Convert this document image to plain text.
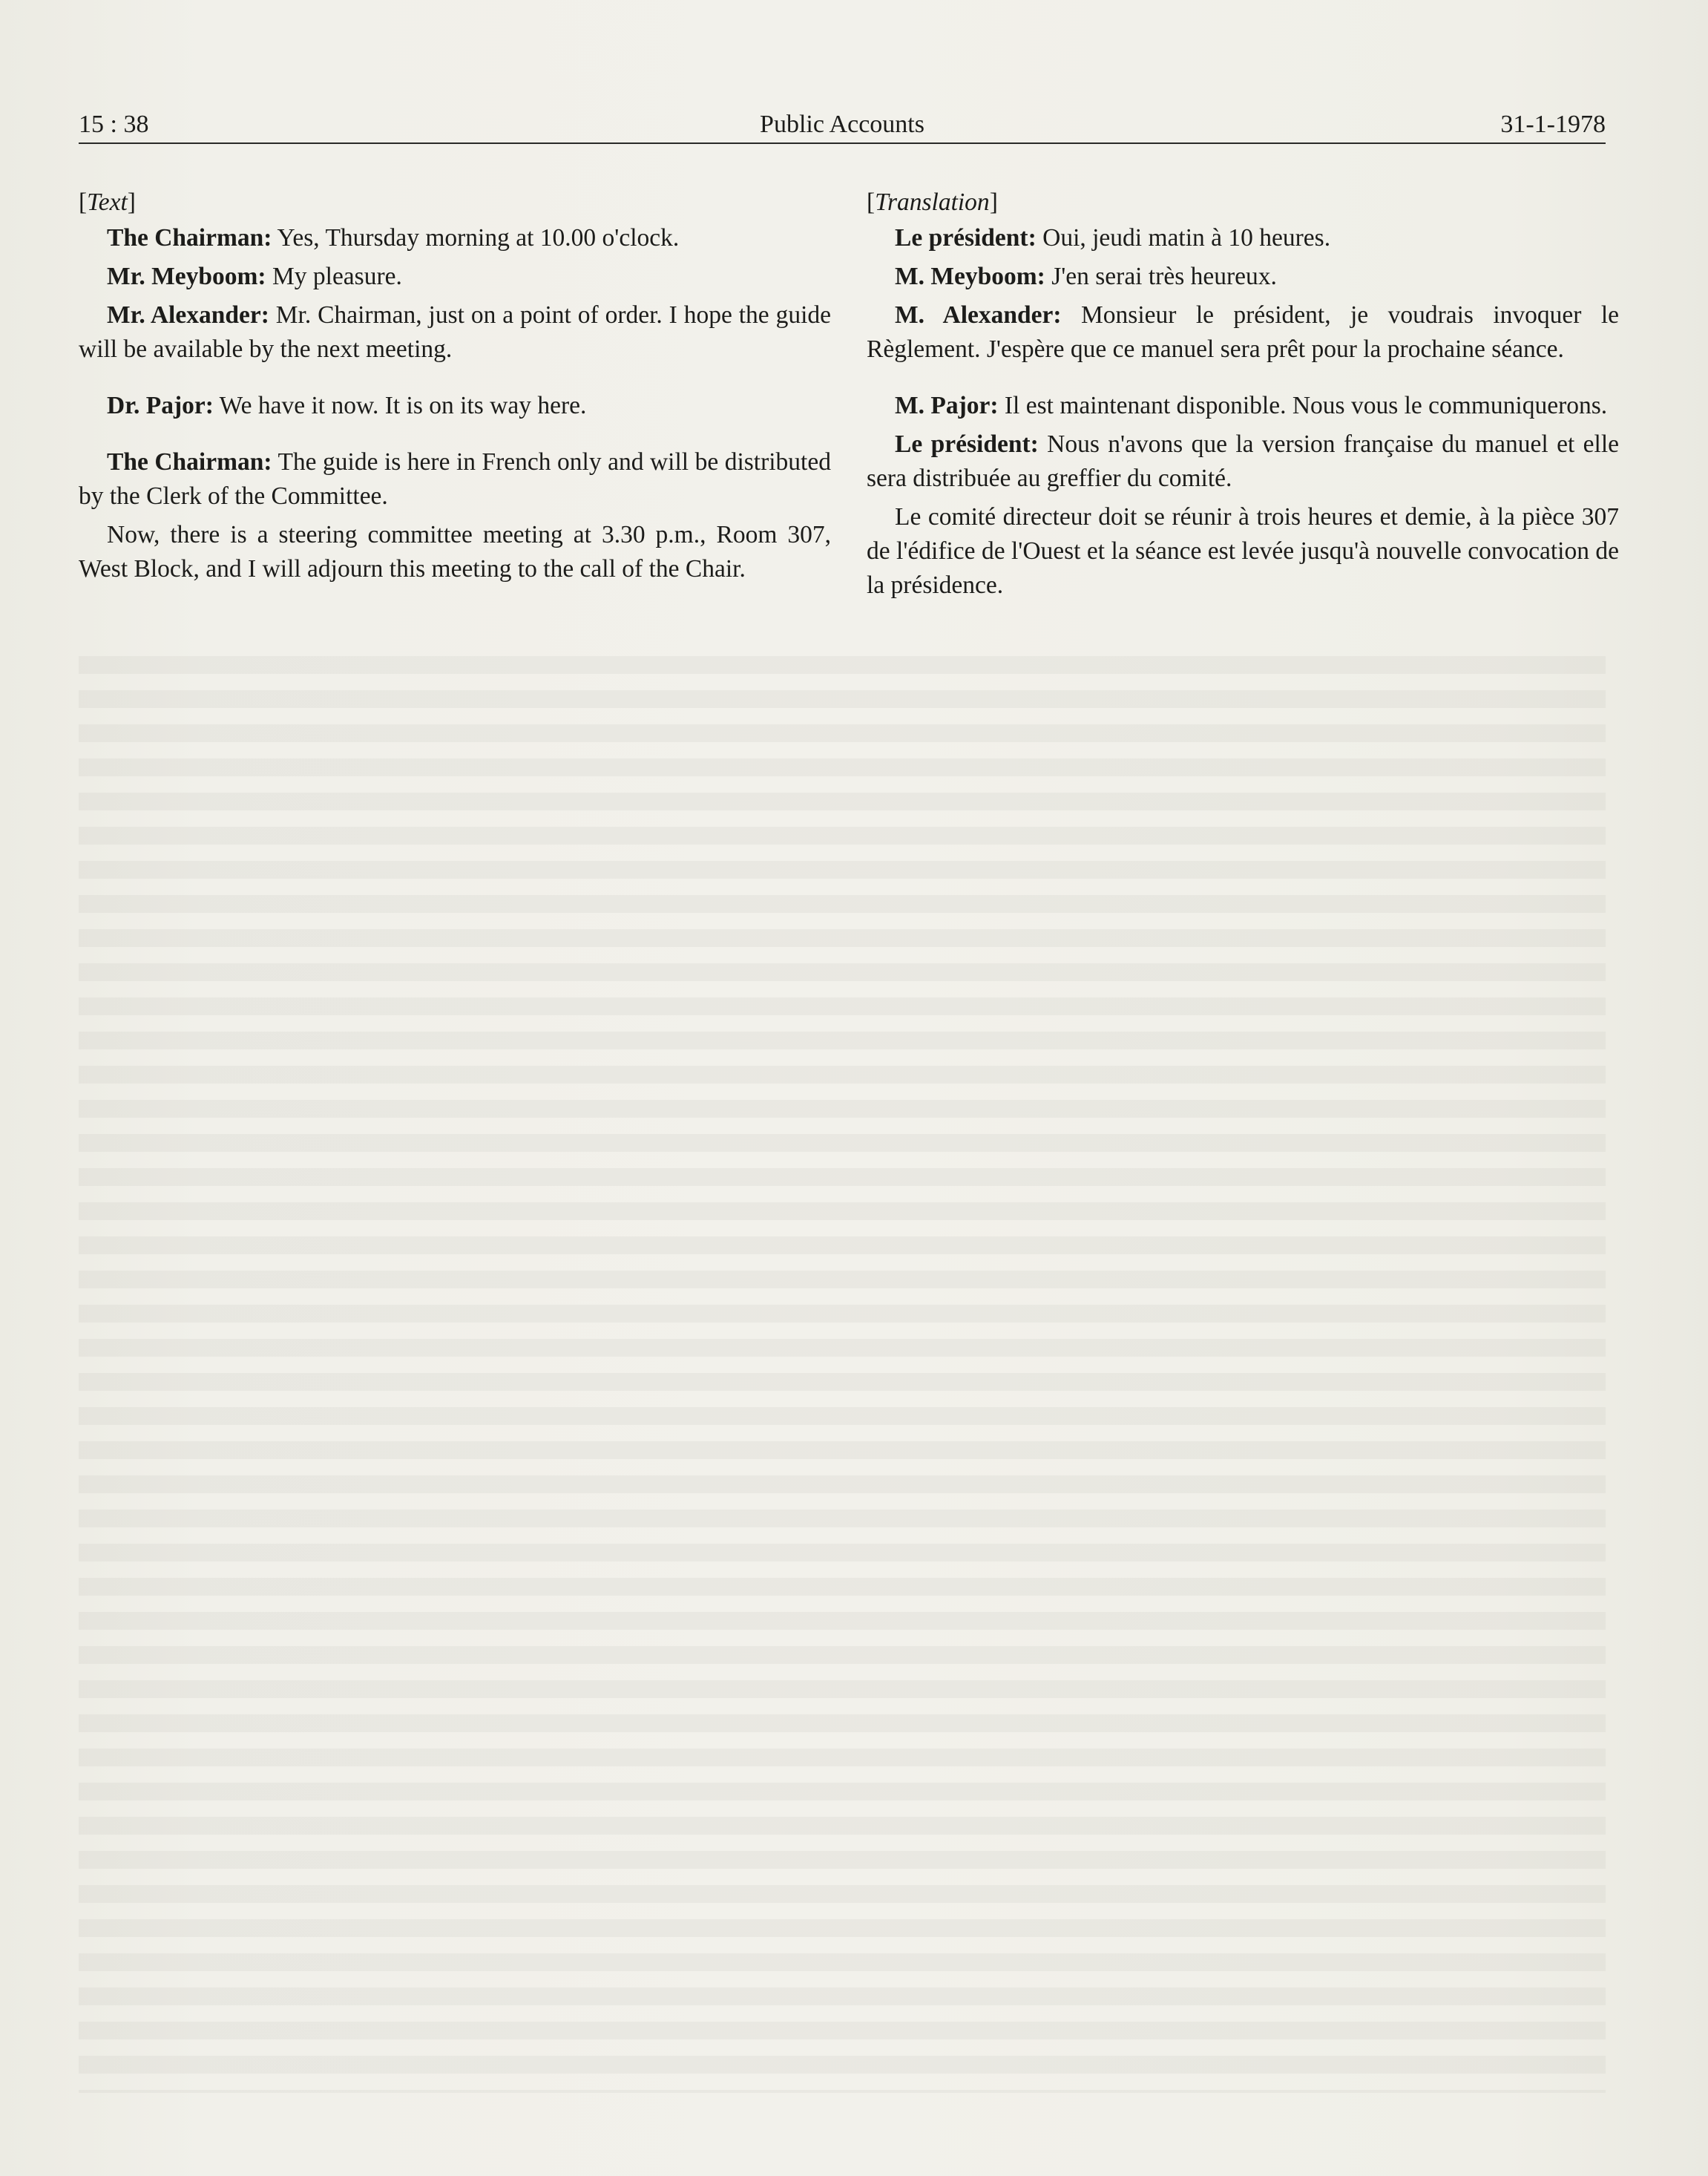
15 : 38	Public Accounts	31-1-1978

[Text]

The Chairman: Yes, Thursday morning at 10.00 o'clock.

Mr. Meyboom: My pleasure.

Mr. Alexander: Mr. Chairman, just on a point of order. I hope the guide will be available by the next meeting.

Dr. Pajor: We have it now. It is on its way here.

The Chairman: The guide is here in French only and will be distributed by the Clerk of the Committee.

Now, there is a steering committee meeting at 3.30 p.m., Room 307, West Block, and I will adjourn this meeting to the call of the Chair.

[Translation]

Le président: Oui, jeudi matin à 10 heures.

M. Meyboom: J'en serai très heureux.

M. Alexander: Monsieur le président, je voudrais invoquer le Règlement. J'espère que ce manuel sera prêt pour la prochaine séance.

M. Pajor: Il est maintenant disponible. Nous vous le communiquerons.

Le président: Nous n'avons que la version française du manuel et elle sera distribuée au greffier du comité.

Le comité directeur doit se réunir à trois heures et demie, à la pièce 307 de l'édifice de l'Ouest et la séance est levée jusqu'à nouvelle convocation de la présidence.
